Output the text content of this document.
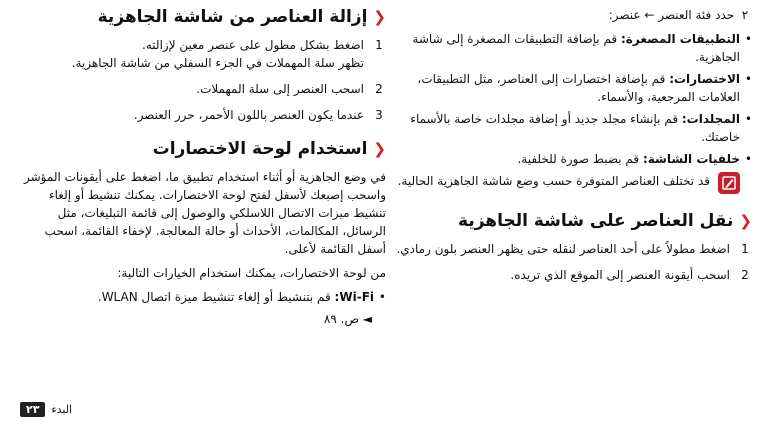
٢ حدد فئة العنصر ← عنصر:
• التطبيقات المصغرة: قم بإضافة التطبيقات المصغرة إلى شاشة الجاهزية.
• الاختصارات: قم بإضافة اختصارات إلى العناصر، مثل التطبيقات، العلامات المرجعية، والأسماء.
• المجلدات: قم بإنشاء مجلد جديد أو إضافة مجلدات خاصة بالأسماء خاصتك.
• خلفيات الشاشة: قم بضبط صورة للخلفية.
قد تختلف العناصر المتوفرة حسب وضع شاشة الجاهزية الحالية.
❮
نقل العناصر على شاشة الجاهزية
1
اضغط مطولاً على أحد العناصر لنقله حتى يظهر العنصر بلون رمادي.
2
اسحب أيقونة العنصر إلى الموقع الذي تريده.
❮
إزالة العناصر من شاشة الجاهزية
1
اضغط بشكل مطول على عنصر معين لإزالته.
تظهر سلة المهملات في الجزء السفلي من شاشة الجاهزية.
2
اسحب العنصر إلى سلة المهملات.
3
عندما يكون العنصر باللون الأحمر، حرر العنصر.
❮
استخدام لوحة الاختصارات
في وضع الجاهزية أو أثناء استخدام تطبيق ما، اضغط على أيقونات المؤشر واسحب إصبعك لأسفل لفتح لوحة الاختصارات. يمكنك تنشيط أو إلغاء تنشيط ميزات الاتصال اللاسلكي والوصول إلى قائمة التبليغات، مثل الرسائل، المكالمات، الأحداث أو حالة المعالجة. لإخفاء القائمة، اسحب أسفل القائمة لأعلى.
من لوحة الاختصارات، يمكنك استخدام الخيارات التالية:
• Wi-Fi: قم بتنشيط أو إلغاء تنشيط ميزة اتصال WLAN.
◄ ص. ٨٩
٢٣	البدء
